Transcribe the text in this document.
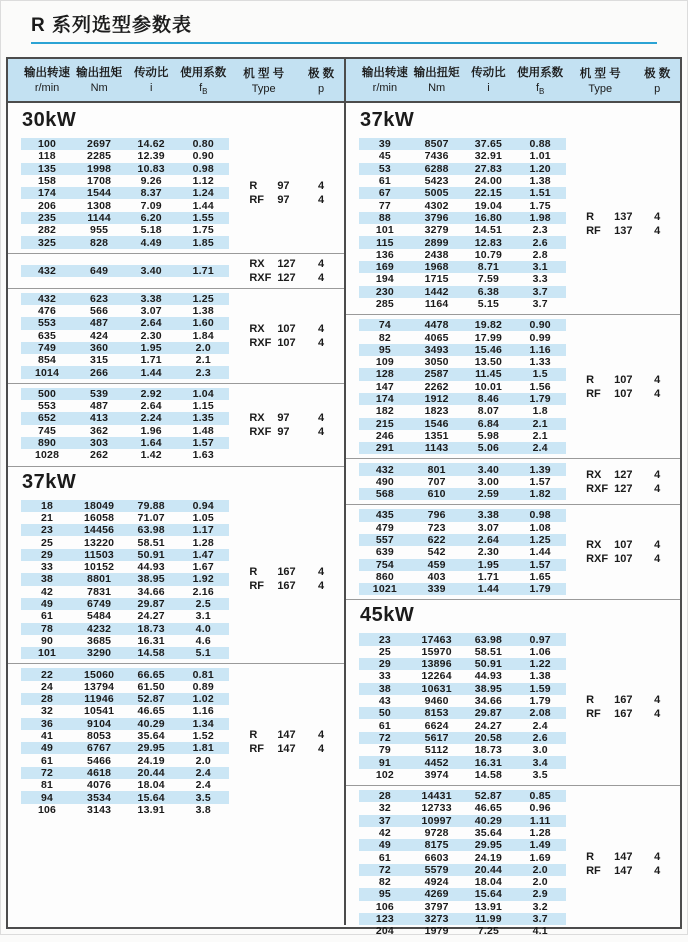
R 系列选型参数表
输出转速
r/min
输出扭矩
Nm
传动比
i
使用系数
$f_B$
机 型 号
Type
极 数
p
输出转速
r/min
输出扭矩
Nm
传动比
i
使用系数
$f_B$
机 型 号
Type
极 数
p
30kW
100	2697	14.62	0.80
118	2285	12.39	0.90
135	1998	10.83	0.98
158	1708	9.26	1.12
174	1544	8.37	1.24
206	1308	7.09	1.44
235	1144	6.20	1.55
282	955	5.18	1.75
325	828	4.49	1.85
R	97	4
RF	97	4
432	649	3.40	1.71
RX	127	4
RXF 127	4
432	623	3.38	1.25
476	566	3.07	1.38
553	487	2.64	1.60
635	424	2.30	1.84
749	360	1.95	2.0
854	315	1.71	2.1
1014	266	1.44	2.3
RX	107	4
RXF 107	4
500	539	2.92	1.04
553	487	2.64	1.15
652	413	2.24	1.35
745	362	1.96	1.48
890	303	1.64	1.57
1028	262	1.42	1.63
RX	97	4
RXF 97	4
37kW
18	18049	79.88	0.94
21	16058	71.07	1.05
23	14456	63.98	1.17
25	13220	58.51	1.28
29	11503	50.91	1.47
33	10152	44.93	1.67
38	8801	38.95	1.92
42	7831	34.66	2.16
49	6749	29.87	2.5
61	5484	24.27	3.1
78	4232	18.73	4.0
90	3685	16.31	4.6
101	3290	14.58	5.1
R	167	4
RF	167	4
22	15060	66.65	0.81
24	13794	61.50	0.89
28	11946	52.87	1.02
32	10541	46.65	1.16
36	9104	40.29	1.34
41	8053	35.64	1.52
49	6767	29.95	1.81
61	5466	24.19	2.0
72	4618	20.44	2.4
81	4076	18.04	2.4
94	3534	15.64	3.5
106	3143	13.91	3.8
R	147	4
RF	147	4
37kW
39	8507	37.65	0.88
45	7436	32.91	1.01
53	6288	27.83	1.20
61	5423	24.00	1.38
67	5005	22.15	1.51
77	4302	19.04	1.75
88	3796	16.80	1.98
101	3279	14.51	2.3
115	2899	12.83	2.6
136	2438	10.79	2.8
169	1968	8.71	3.1
194	1715	7.59	3.3
230	1442	6.38	3.7
285	1164	5.15	3.7
R	137	4
RF	137	4
74	4478	19.82	0.90
82	4065	17.99	0.99
95	3493	15.46	1.16
109	3050	13.50	1.33
128	2587	11.45	1.5
147	2262	10.01	1.56
174	1912	8.46	1.79
182	1823	8.07	1.8
215	1546	6.84	2.1
246	1351	5.98	2.1
291	1143	5.06	2.4
R	107	4
RF	107	4
432	801	3.40	1.39
490	707	3.00	1.57
568	610	2.59	1.82
RX	127	4
RXF 127	4
435	796	3.38	0.98
479	723	3.07	1.08
557	622	2.64	1.25
639	542	2.30	1.44
754	459	1.95	1.57
860	403	1.71	1.65
1021	339	1.44	1.79
RX	107	4
RXF 107	4
45kW
23	17463	63.98	0.97
25	15970	58.51	1.06
29	13896	50.91	1.22
33	12264	44.93	1.38
38	10631	38.95	1.59
43	9460	34.66	1.79
50	8153	29.87	2.08
61	6624	24.27	2.4
72	5617	20.58	2.6
79	5112	18.73	3.0
91	4452	16.31	3.4
102	3974	14.58	3.5
R	167	4
RF	167	4
28	14431	52.87	0.85
32	12733	46.65	0.96
37	10997	40.29	1.11
42	9728	35.64	1.28
49	8175	29.95	1.49
61	6603	24.19	1.69
72	5579	20.44	2.0
82	4924	18.04	2.0
95	4269	15.64	2.9
106	3797	13.91	3.2
123	3273	11.99	3.7
204	1979	7.25	4.1
R	147	4
RF	147	4
